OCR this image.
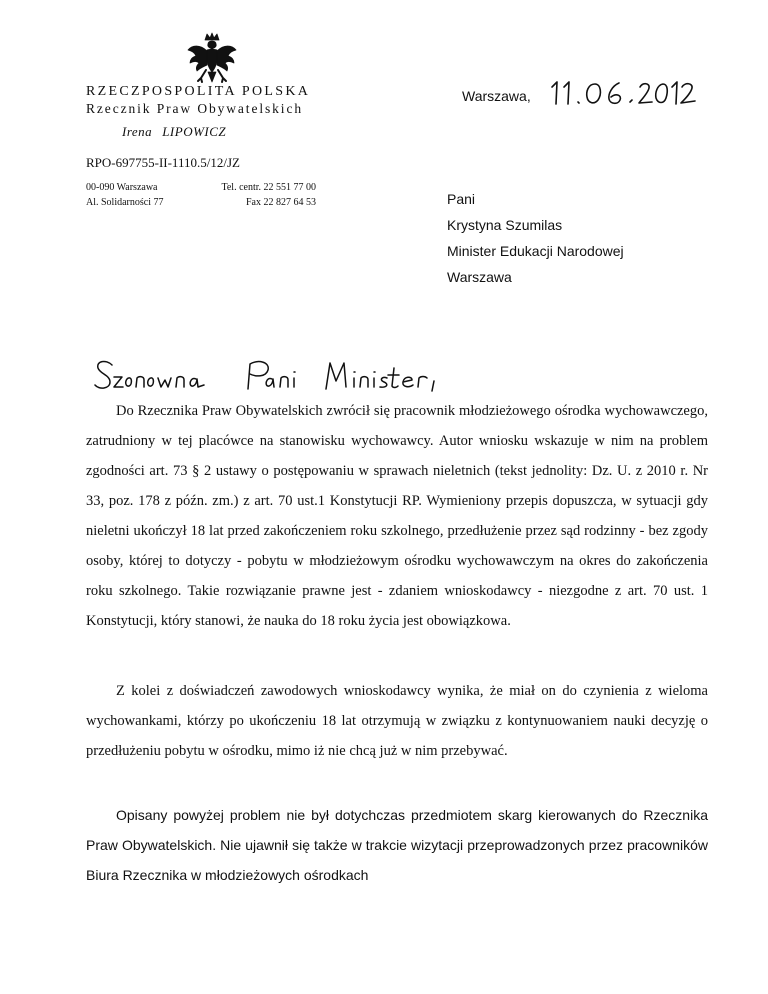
RZECZPOSPOLITA POLSKA
Rzecznik Praw Obywatelskich
Irena LIPOWICZ
Warszawa,
RPO-697755-II-1110.5/12/JZ
00-090 Warszawa
Al. Solidarności 77
Tel. centr. 22 551 77 00
Fax 22 827 64 53	Pani
Krystyna Szumilas
Minister Edukacji Narodowej
Warszawa

Do Rzecznika Praw Obywatelskich zwrócił się pracownik młodzieżowego ośrodka wychowawczego, zatrudniony w tej placówce na stanowisku wychowawcy. Autor wniosku wskazuje w nim na problem zgodności art. 73 § 2 ustawy o postępowaniu w sprawach nieletnich (tekst jednolity: Dz. U. z 2010 r. Nr 33, poz. 178 z późn. zm.) z art. 70 ust.1 Konstytucji RP. Wymieniony przepis dopuszcza, w sytuacji gdy nieletni ukończył 18 lat przed zakończeniem roku szkolnego, przedłużenie przez sąd rodzinny - bez zgody osoby, której to dotyczy - pobytu w młodzieżowym ośrodku wychowawczym na okres do zakończenia roku szkolnego. Takie rozwiązanie prawne jest - zdaniem wnioskodawcy - niezgodne z art. 70 ust. 1 Konstytucji, który stanowi, że nauka do 18 roku życia jest obowiązkowa.

Z kolei z doświadczeń zawodowych wnioskodawcy wynika, że miał on do czynienia z wieloma wychowankami, którzy po ukończeniu 18 lat otrzymują w związku z kontynuowaniem nauki decyzję o przedłużeniu pobytu w ośrodku, mimo iż nie chcą już w nim przebywać.

Opisany powyżej problem nie był dotychczas przedmiotem skarg kierowanych do Rzecznika Praw Obywatelskich. Nie ujawnił się także w trakcie wizytacji przeprowadzonych przez pracowników Biura Rzecznika w młodzieżowych ośrodkach
